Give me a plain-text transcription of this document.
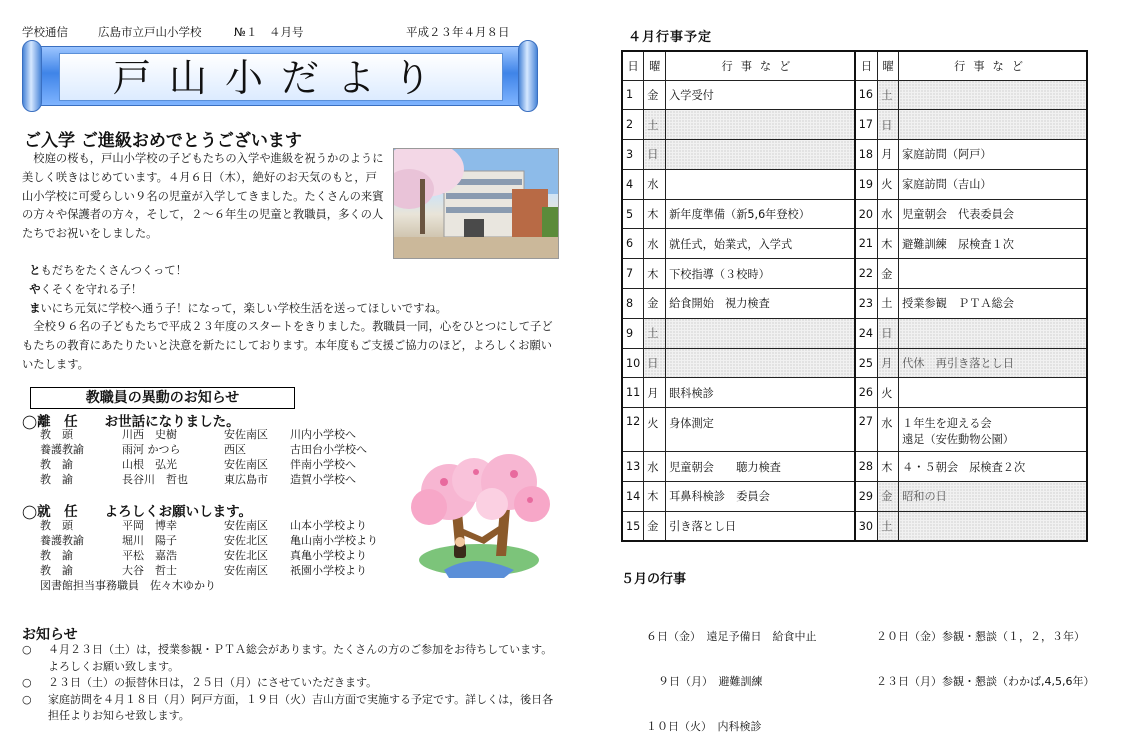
学校通信

	広島市立戸山小学校

	№１　４月号

	平成２３年４月８日

戸山小だより
ご入学 ご進級おめでとうございます
　校庭の桜も，戸山小学校の子どもたちの入学や進級を祝うかのように美しく咲きはじめています。４月６日（木），絶好のお天気のもと，戸山小学校に可愛らしい９名の児童が入学してきました。たくさんの来賓の方々や保護者の方々，そして，２～６年生の児童と教職員，多くの人たちでお祝いをしました。
ともだちをたくさんつくって！
やくそくを守れる子！
まいにち元気に学校へ通う子！になって，楽しい学校生活を送ってほしいですね。
　全校９６名の子どもたちで平成２３年度のスタートをきりました。教職員一同，心をひとつにして子どもたちの教育にあたりたいと決意を新たにしております。本年度もご支援ご協力のほど，よろしくお願いいたします。
教職員の異動のお知らせ
◯離　任　　お世話になりました。
教　頭	川西　史樹	安佐南区 川内小学校へ
養護教諭	雨河 かつら	西区	古田台小学校へ
教　諭	山根　弘光	安佐南区 伴南小学校へ
教　諭	長谷川　哲也	東広島市 造賀小学校へ
◯就　任　　よろしくお願いします。
教　頭	平岡　博幸	安佐南区 山本小学校より
養護教諭	堀川　陽子	安佐北区 亀山南小学校より
教　諭	平松　嘉浩	安佐北区 真亀小学校より
教　諭	大谷　哲士	安佐南区 祇園小学校より
図書館担当事務職員　佐々木ゆかり
お知らせ
○ ４月２３日（土）は，授業参観・ＰＴＡ総会があります。たくさんの方のご参加をお待ちしています。よろしくお願い致します。
○ ２３日（土）の振替休日は，２５日（月）にさせていただきます。
○ 家庭訪問を４月１８日（月）阿戸方面，１９日（火）吉山方面で実施する予定です。詳しくは，後日各担任よりお知らせ致します。
４月行事予定
日	曜	行事など	日	曜	行事など
1	金	入学受付	16	土	
2	土		17	日	
3	日		18	月	家庭訪問（阿戸）
4	水		19	火	家庭訪問（吉山）
5	木	新年度準備（新5,6年登校）	20	水	児童朝会　代表委員会
6	水	就任式，始業式，入学式	21	木	避難訓練　尿検査１次
7	木	下校指導（３校時）	22	金	
8	金	給食開始　視力検査	23	土	授業参観　ＰＴＡ総会
9	土		24	日	
10	日		25	月	代休　再引き落とし日
11	月	眼科検診	26	火	
12	火	身体測定	27	水	１年生を迎える会
遠足（安佐動物公園）

13	水	児童朝会　　聴力検査	28	木	４・５朝会　尿検査２次
14	木	耳鼻科検診　委員会	29	金	昭和の日
15	金	引き落とし日	30	土	
５月の行事

６日（金）　遠足予備日　給食中止

９日（月）　避難訓練

１０日（火）　内科検診

２０日（金）参観・懇談（１，２，３年）

２３日（月）参観・懇談（わかば,4,5,6年）
